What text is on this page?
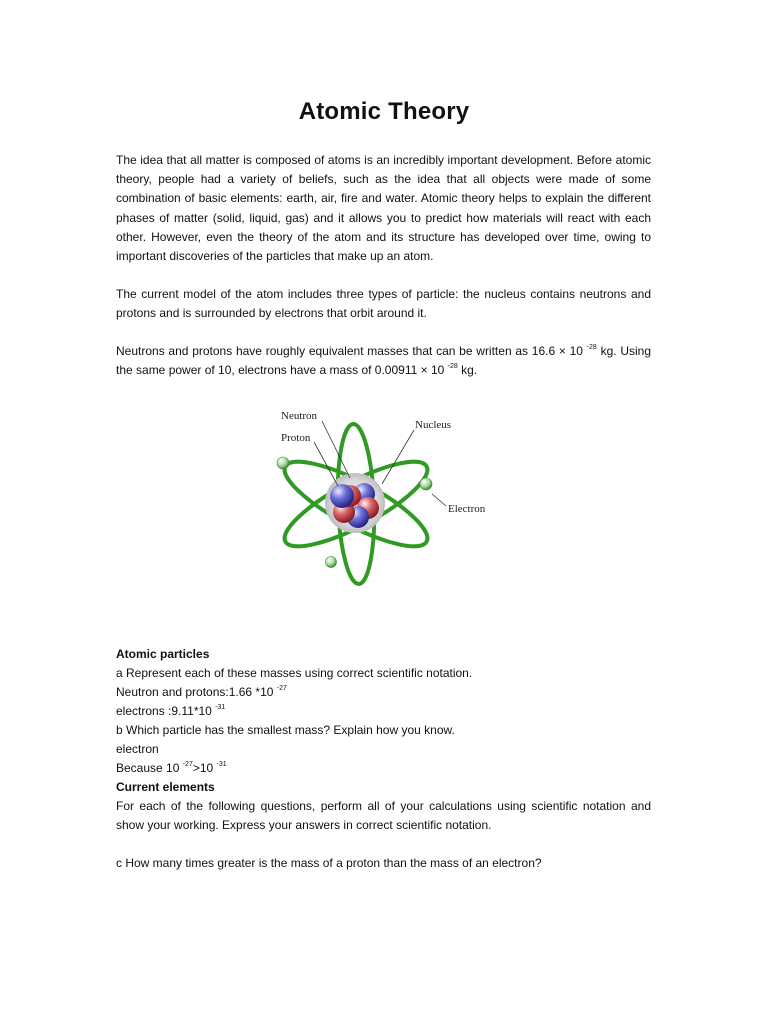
Atomic Theory

The idea that all matter is composed of atoms is an incredibly important development. Before atomic theory, people had a variety of beliefs, such as the idea that all objects were made of some combination of basic elements: earth, air, fire and water. Atomic theory helps to explain the different phases of matter (solid, liquid, gas) and it allows you to predict how materials will react with each other. However, even the theory of the atom and its structure has developed over time, owing to important discoveries of the particles that make up an atom.

The current model of the atom includes three types of particle: the nucleus contains neutrons and protons and is surrounded by electrons that orbit around it.

Neutrons and protons have roughly equivalent masses that can be written as 16.6 × 10 $^{-28}$ kg. Using the same power of 10, electrons have a mass of 0.00911 × 10 $^{-28}$ kg.

Neutron
Proton
Nucleus
Electron
Atomic particles
a Represent each of these masses using correct scientific notation.
Neutron and protons:1.66 *10 $^{-27}$
electrons :9.11*10 $^{-31}$
b Which particle has the smallest mass? Explain how you know.
electron
Because 10 $^{-27}$>10 $^{-31}$
Current elements

For each of the following questions, perform all of your calculations using scientific notation and show your working. Express your answers in correct scientific notation.

c How many times greater is the mass of a proton than the mass of an electron?
